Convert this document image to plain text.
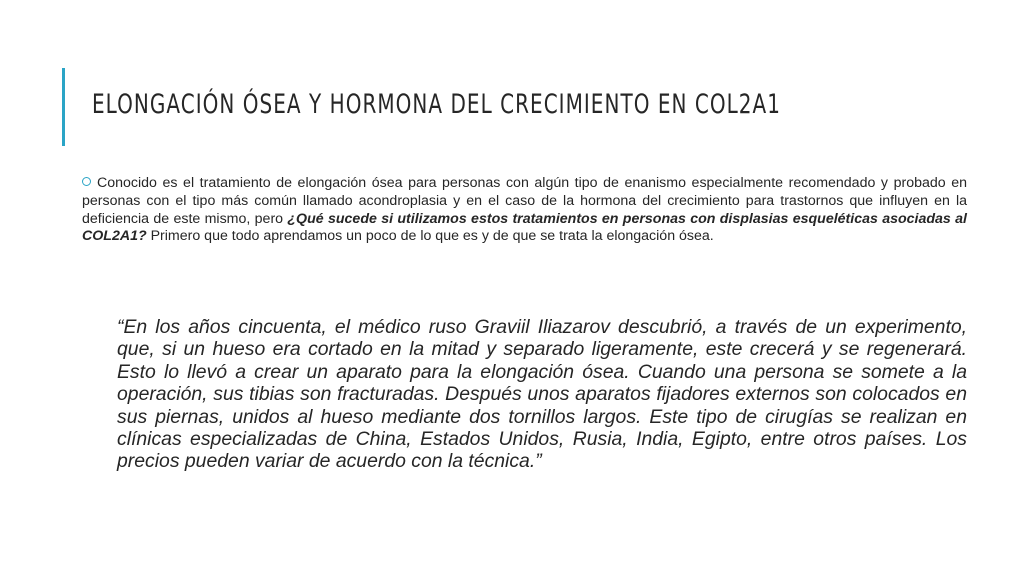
ELONGACIÓN ÓSEA Y HORMONA DEL CRECIMIENTO EN COL2A1

Conocido es el tratamiento de elongación ósea para personas con algún tipo de enanismo especialmente recomendado y probado en personas con el tipo más común llamado acondroplasia y en el caso de la hormona del crecimiento para trastornos que influyen en la deficiencia de este mismo, pero ¿Qué sucede si utilizamos estos tratamientos en personas con displasias esqueléticas asociadas al COL2A1? Primero que todo aprendamos un poco de lo que es y de que se trata la elongación ósea.

“En los años cincuenta, el médico ruso Graviil Iliazarov descubrió, a través de un experimento, que, si un hueso era cortado en la mitad y separado ligeramente, este crecerá y se regenerará. Esto lo llevó a crear un aparato para la elongación ósea. Cuando una persona se somete a la operación, sus tibias son fracturadas. Después unos aparatos fijadores externos son colocados en sus piernas, unidos al hueso mediante dos tornillos largos. Este tipo de cirugías se realizan en clínicas especializadas de China, Estados Unidos, Rusia, India, Egipto, entre otros países. Los precios pueden variar de acuerdo con la técnica.”
